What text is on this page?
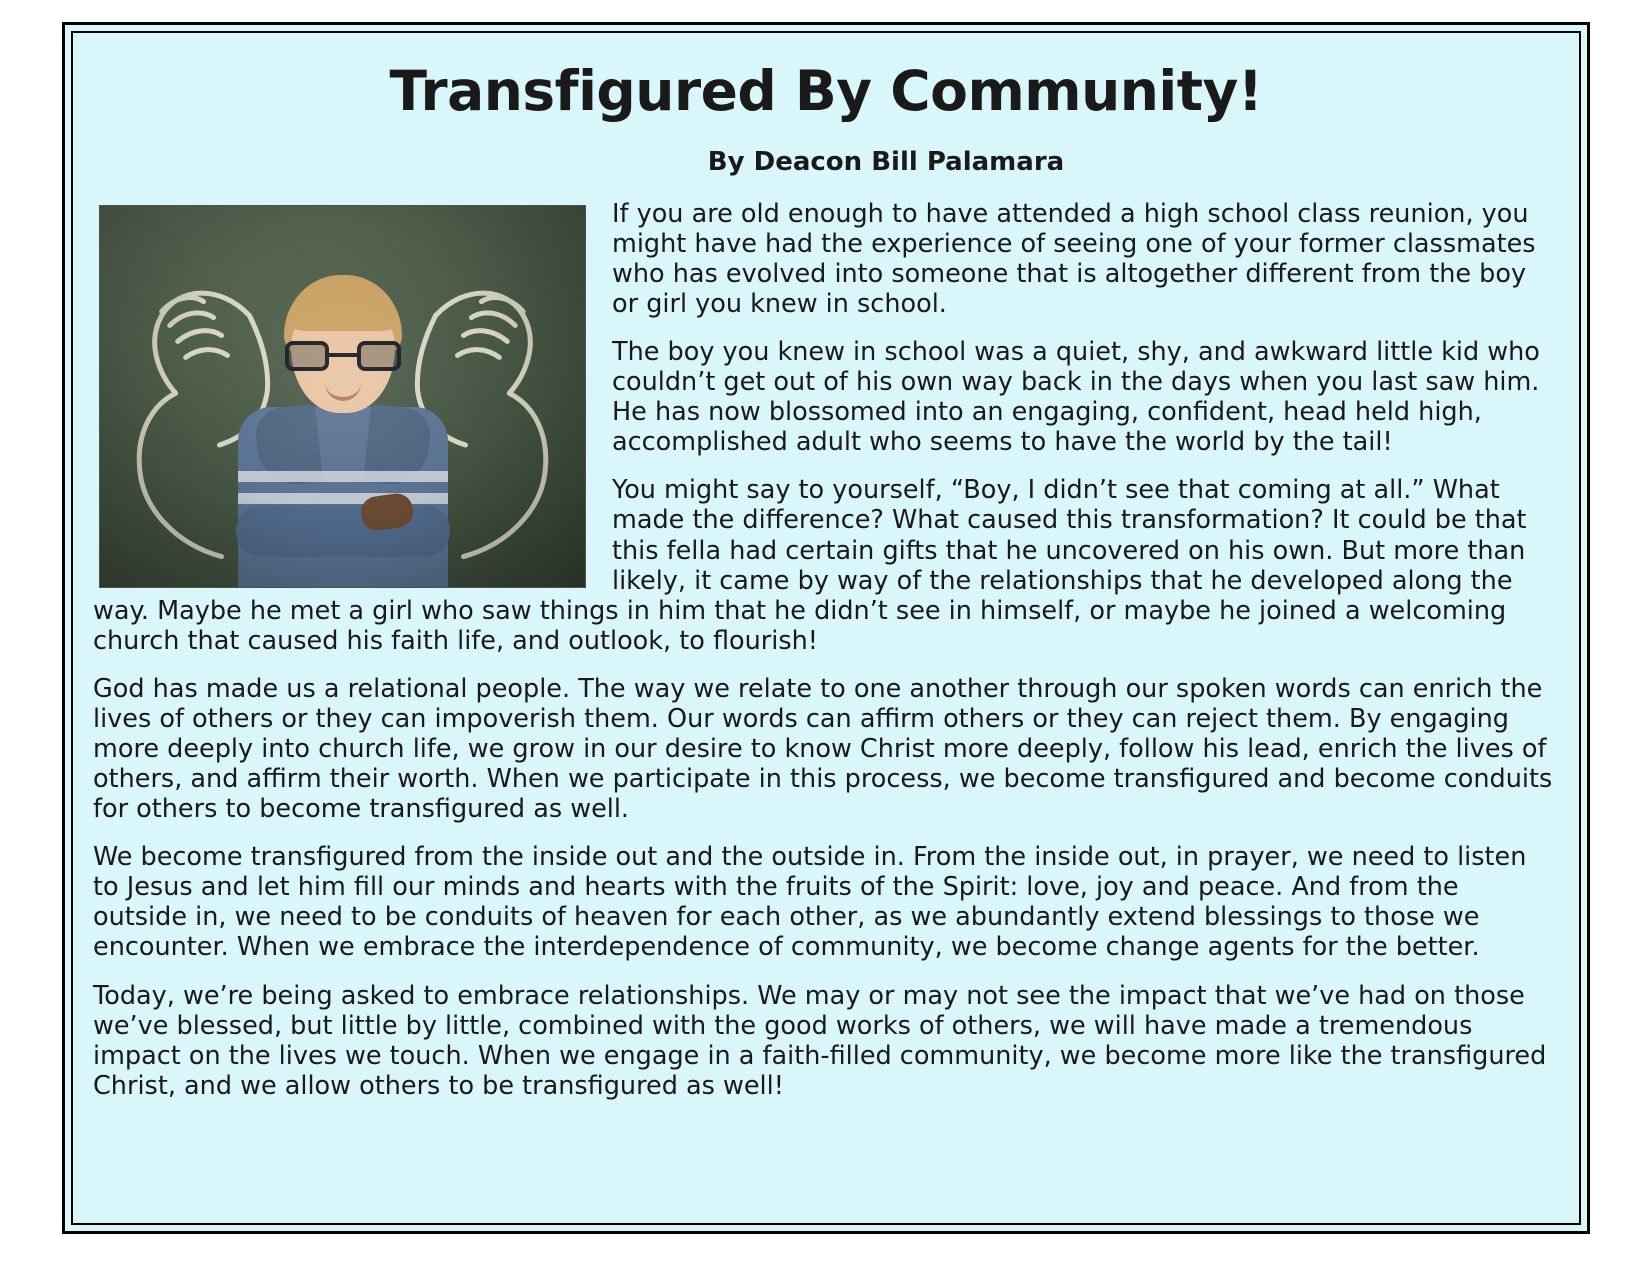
Transfigured By Community!
By Deacon Bill Palamara

If you are old enough to have attended a high school class reunion, you might have had the experience of seeing one of your former classmates who has evolved into someone that is altogether different from the boy or girl you knew in school.

The boy you knew in school was a quiet, shy, and awkward little kid who couldn’t get out of his own way back in the days when you last saw him. He has now blossomed into an engaging, confident, head held high, accomplished adult who seems to have the world by the tail!

You might say to yourself, “Boy, I didn’t see that coming at all.” What made the difference? What caused this transformation? It could be that this fella had certain gifts that he uncovered on his own. But more than likely, it came by way of the relationships that he developed along the way. Maybe he met a girl who saw things in him that he didn’t see in himself, or maybe he joined a welcoming church that caused his faith life, and outlook, to flourish!

God has made us a relational people. The way we relate to one another through our spoken words can enrich the lives of others or they can impoverish them. Our words can affirm others or they can reject them. By engaging more deeply into church life, we grow in our desire to know Christ more deeply, follow his lead, enrich the lives of others, and affirm their worth. When we participate in this process, we become transfigured and become conduits for others to become transfigured as well.

We become transfigured from the inside out and the outside in. From the inside out, in prayer, we need to listen to Jesus and let him fill our minds and hearts with the fruits of the Spirit: love, joy and peace. And from the outside in, we need to be conduits of heaven for each other, as we abundantly extend blessings to those we encounter. When we embrace the interdependence of community, we become change agents for the better.

Today, we’re being asked to embrace relationships. We may or may not see the impact that we’ve had on those we’ve blessed, but little by little, combined with the good works of others, we will have made a tremendous impact on the lives we touch. When we engage in a faith-filled community, we become more like the transfigured Christ, and we allow others to be transfigured as well!
